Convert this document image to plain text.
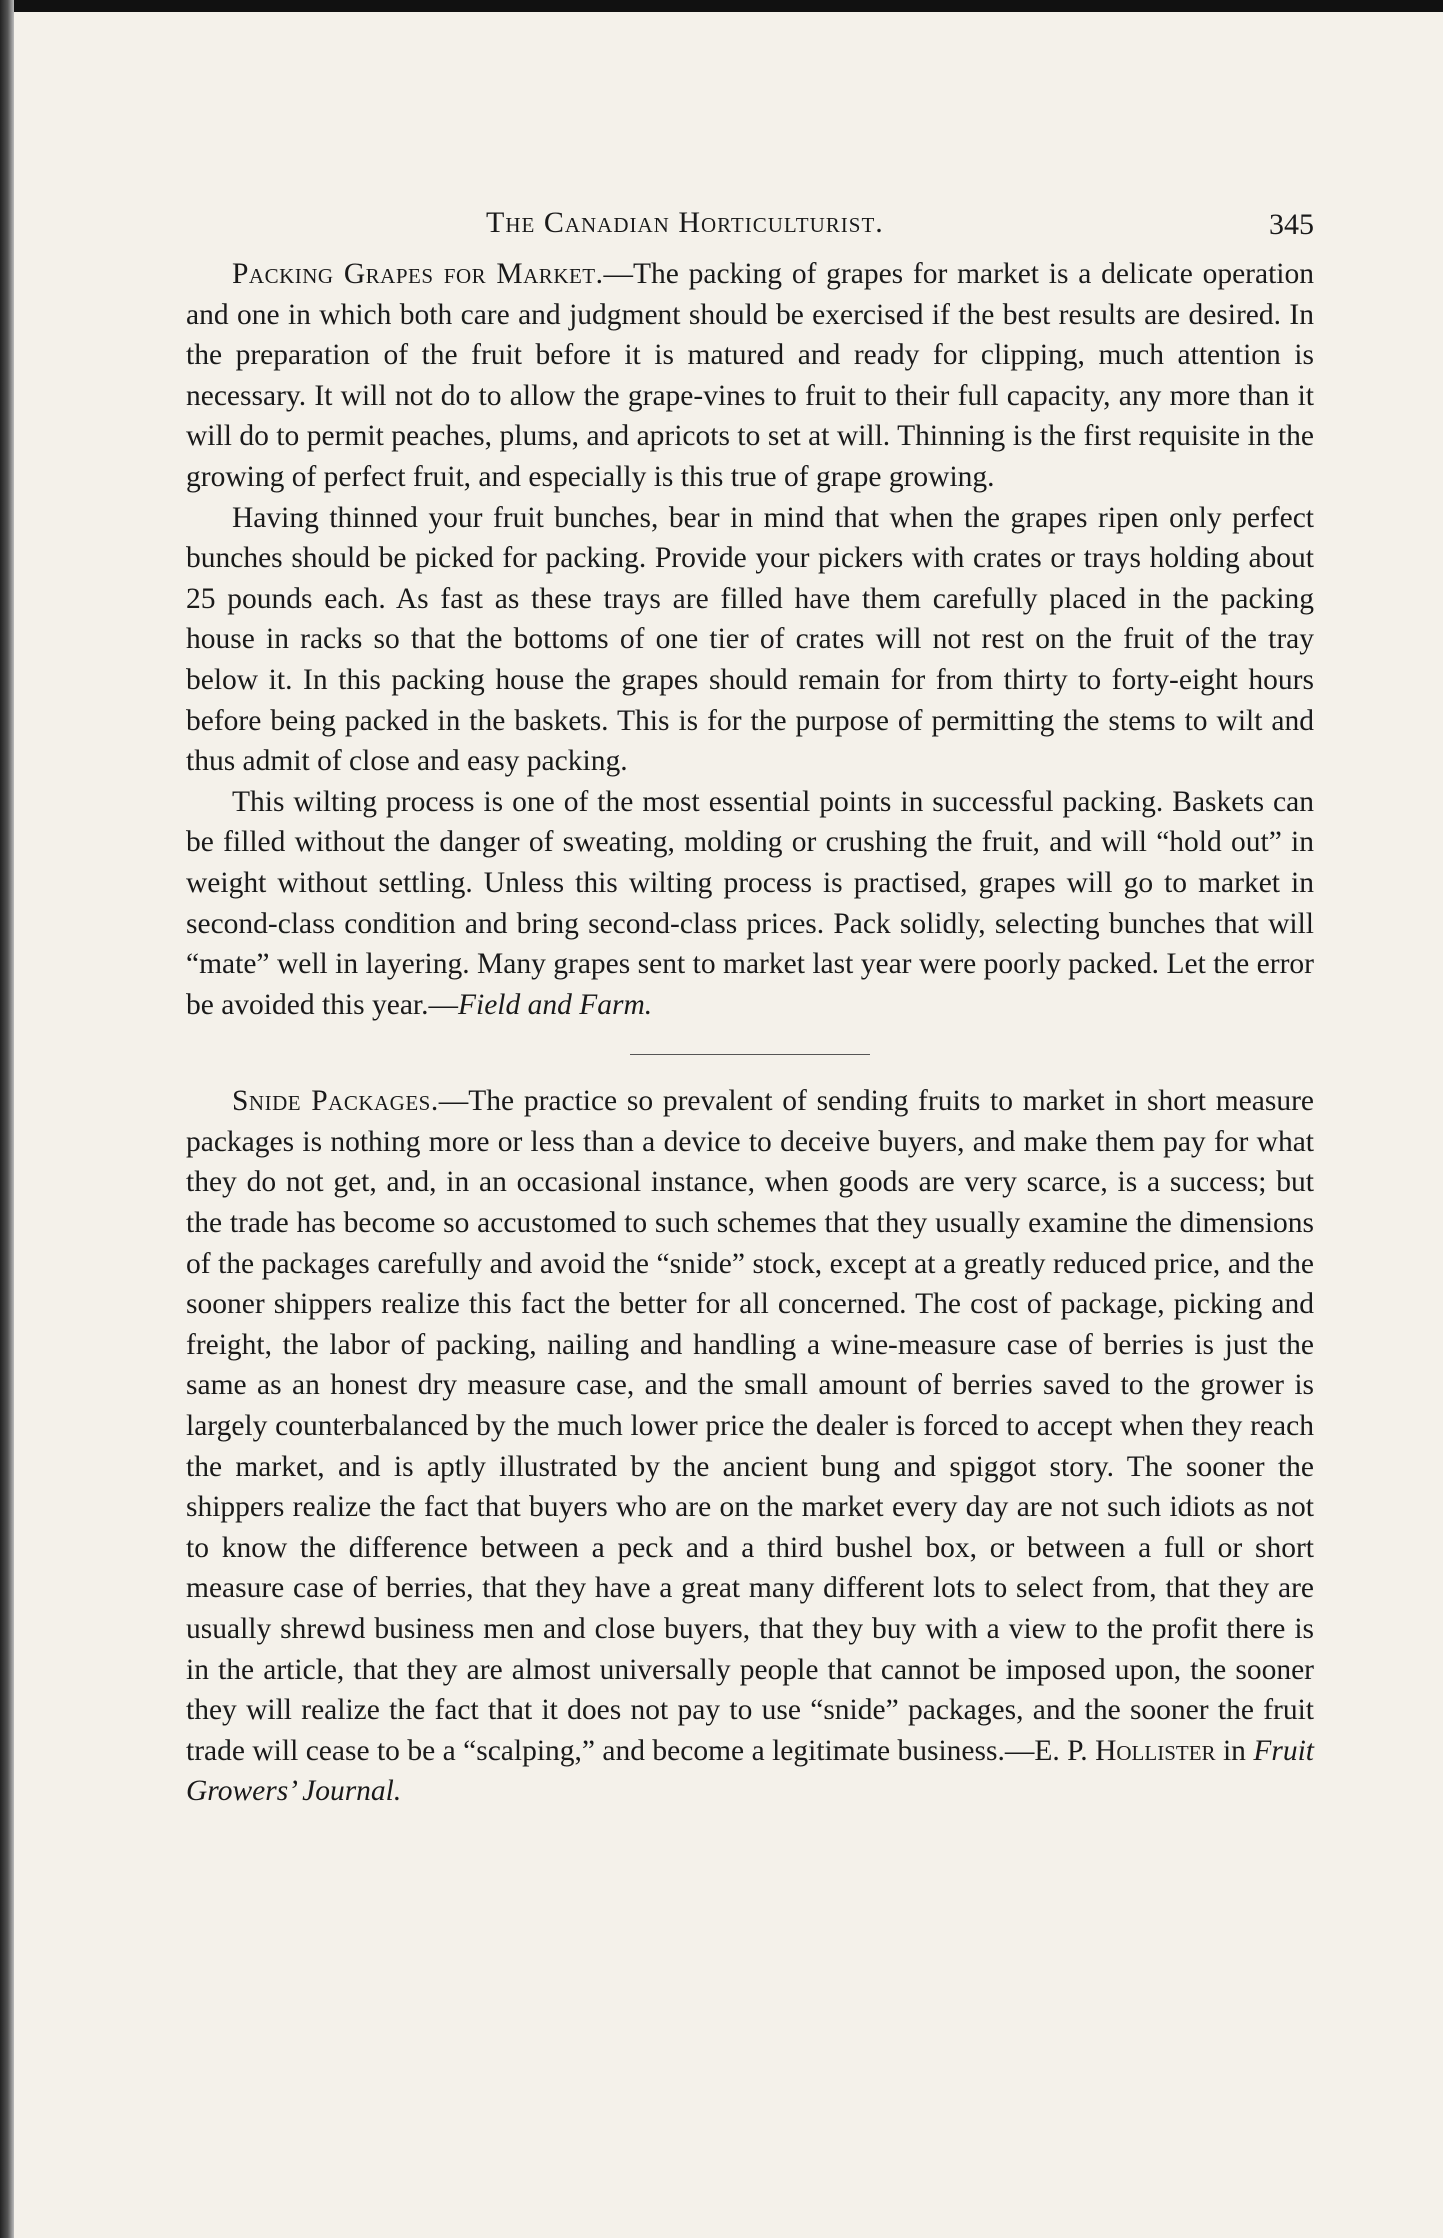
The Canadian Horticulturist.	345

Packing Grapes for Market.—The packing of grapes for market is a delicate operation and one in which both care and judgment should be exercised if the best results are desired. In the preparation of the fruit before it is matured and ready for clipping, much attention is necessary. It will not do to allow the grape-vines to fruit to their full capacity, any more than it will do to permit peaches, plums, and apricots to set at will. Thinning is the first requisite in the growing of perfect fruit, and especially is this true of grape growing.

Having thinned your fruit bunches, bear in mind that when the grapes ripen only perfect bunches should be picked for packing. Provide your pickers with crates or trays holding about 25 pounds each. As fast as these trays are filled have them carefully placed in the packing house in racks so that the bottoms of one tier of crates will not rest on the fruit of the tray below it. In this packing house the grapes should remain for from thirty to forty-eight hours before being packed in the baskets. This is for the purpose of permitting the stems to wilt and thus admit of close and easy packing.

This wilting process is one of the most essential points in successful packing. Baskets can be filled without the danger of sweating, molding or crushing the fruit, and will “hold out” in weight without settling. Unless this wilting process is practised, grapes will go to market in second-class condition and bring second-class prices. Pack solidly, selecting bunches that will “mate” well in layering. Many grapes sent to market last year were poorly packed. Let the error be avoided this year.—Field and Farm.

Snide Packages.—The practice so prevalent of sending fruits to market in short measure packages is nothing more or less than a device to deceive buyers, and make them pay for what they do not get, and, in an occasional instance, when goods are very scarce, is a success; but the trade has become so accustomed to such schemes that they usually examine the dimensions of the packages carefully and avoid the “snide” stock, except at a greatly reduced price, and the sooner shippers realize this fact the better for all concerned. The cost of package, picking and freight, the labor of packing, nailing and handling a wine-measure case of berries is just the same as an honest dry measure case, and the small amount of berries saved to the grower is largely counterbalanced by the much lower price the dealer is forced to accept when they reach the market, and is aptly illustrated by the ancient bung and spiggot story. The sooner the shippers realize the fact that buyers who are on the market every day are not such idiots as not to know the difference between a peck and a third bushel box, or between a full or short measure case of berries, that they have a great many different lots to select from, that they are usually shrewd business men and close buyers, that they buy with a view to the profit there is in the article, that they are almost universally people that cannot be imposed upon, the sooner they will realize the fact that it does not pay to use “snide” packages, and the sooner the fruit trade will cease to be a “scalping,” and become a legitimate business.—E. P. Hollister in Fruit Growers’ Journal.
